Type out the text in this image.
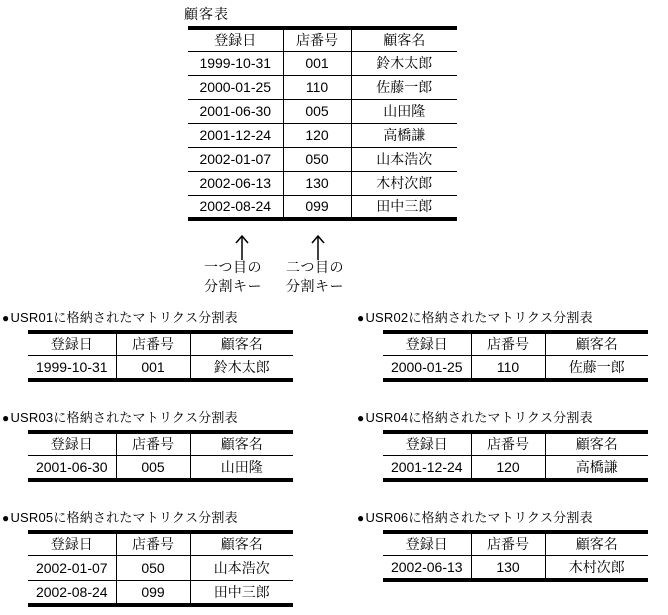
顧客表
登録日	店番号	顧客名
1999-10-31	001	鈴木太郎
2000-01-25	110	佐藤一郎
2001-06-30	005	山田隆
2001-12-24	120	高橋謙
2002-01-07	050	山本浩次
2002-06-13	130	木村次郎
2002-08-24	099	田中三郎
一つ目の
分割キー
二つ目の
分割キー
●USR01に格納されたマトリクス分割表
登録日	店番号	顧客名
1999-10-31	001	鈴木太郎
●USR02に格納されたマトリクス分割表
登録日	店番号	顧客名
2000-01-25	110	佐藤一郎
●USR03に格納されたマトリクス分割表
登録日	店番号	顧客名
2001-06-30	005	山田隆
●USR04に格納されたマトリクス分割表
登録日	店番号	顧客名
2001-12-24	120	高橋謙
●USR05に格納されたマトリクス分割表
登録日	店番号	顧客名
2002-01-07	050	山本浩次
2002-08-24	099	田中三郎
●USR06に格納されたマトリクス分割表
登録日	店番号	顧客名
2002-06-13	130	木村次郎
